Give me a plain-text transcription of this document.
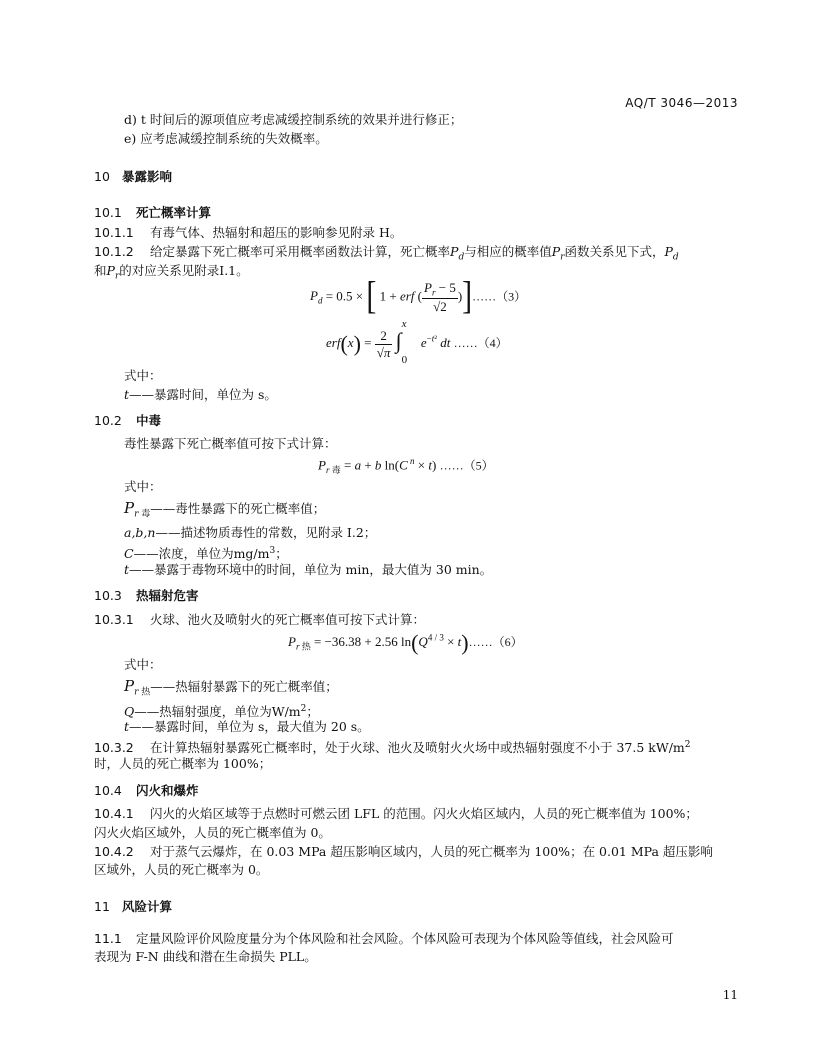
AQ/T 3046—2013
d) t 时间后的源项值应考虑减缓控制系统的效果并进行修正；
e) 应考虑减缓控制系统的失效概率。
10 暴露影响
10.1 死亡概率计算
10.1.1 有毒气体、热辐射和超压的影响参见附录 H。
10.1.2 给定暴露下死亡概率可采用概率函数法计算，死亡概率$P_d$与相应的概率值$P_r$函数关系见下式，$P_d$
和$P_r$的对应关系见附录I.1。
$P_d = 0.5$ × [ 1 + erf ( $\frac{P_r - 5}{√2}$ )]……（3）
$erf(x) = \frac{2}{√\pi}$

x
∫
0
$e^{-t^2}$ dt ……（4）
式中：
t——暴露时间，单位为 s。
10.2 中毒
毒性暴露下死亡概率值可按下式计算：
$P_{r 毒} = a + b$ ln(C $^n$ × t) ……（5）
式中：
$P_{r 毒}——$毒性暴露下的死亡概率值；
a,b,n——描述物质毒性的常数，见附录 I.2；
C——浓度，单位为$mg/m^3$；
t——暴露于毒物环境中的时间，单位为 min，最大值为 30 min。
10.3 热辐射危害
10.3.1 火球、池火及喷射火的死亡概率值可按下式计算：
$P_{r 热} = -36.38 + 2.56$ $\ln(Q^{4 / 3}$ × t)……（6）
式中：
$P_{r 热}——$热辐射暴露下的死亡概率值；
Q——热辐射强度，单位为$W/m^2$；
t——暴露时间，单位为 s，最大值为 20 s。
10.3.2 在计算热辐射暴露死亡概率时，处于火球、池火及喷射火火场中或热辐射强度不小于 37.5 $kW/m^2$
时，人员的死亡概率为 100%；
10.4 闪火和爆炸
10.4.1 闪火的火焰区域等于点燃时可燃云团 LFL 的范围。闪火火焰区域内，人员的死亡概率值为 100%；
闪火火焰区域外，人员的死亡概率值为 0。
10.4.2 对于蒸气云爆炸，在 0.03 MPa 超压影响区域内，人员的死亡概率为 100%；在 0.01 MPa 超压影响
区域外，人员的死亡概率为 0。
11 风险计算
11.1 定量风险评价风险度量分为个体风险和社会风险。个体风险可表现为个体风险等值线，社会风险可
表现为 F-N 曲线和潜在生命损失 PLL。
11
